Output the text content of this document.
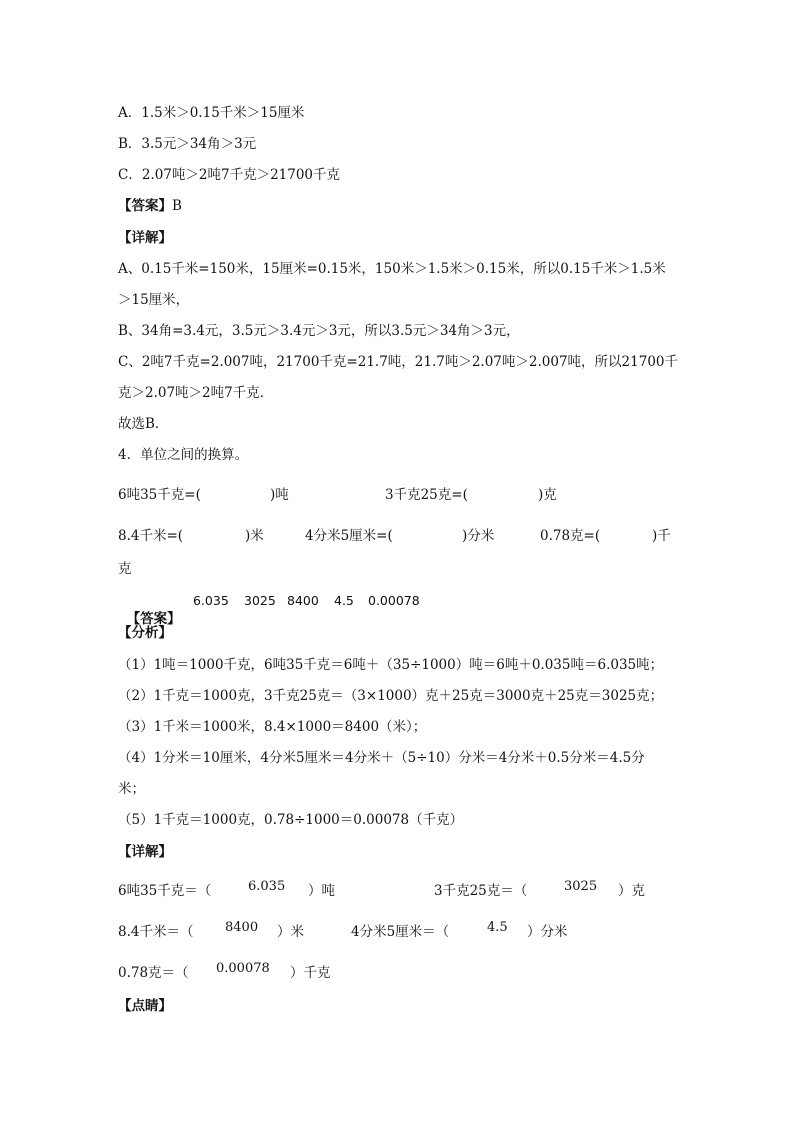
A．1.5米＞0.15千米＞15厘米
B．3.5元＞34角＞3元
C．2.07吨＞2吨7千克＞21700千克
【答案】B
【详解】
A、0.15千米=150米，15厘米=0.15米，150米＞1.5米＞0.15米，所以0.15千米＞1.5米
＞15厘米，
B、34角=3.4元，3.5元＞3.4元＞3元，所以3.5元＞34角＞3元，
C、2吨7千克=2.007吨，21700千克=21.7吨，21.7吨＞2.07吨＞2.007吨，所以21700千
克＞2.07吨＞2吨7千克．
故选B．
4．单位之间的换算。
6吨35千克=(	)吨	3千克25克=(	)克
8.4千米=(	)米	4分米5厘米=(	)分米	0.78克=(	)千
克

【答案】

6.035 3025 8400 4.5 0.00078
【分析】
（1）1吨＝1000千克，6吨35千克＝6吨＋（35÷1000）吨＝6吨＋0.035吨＝6.035吨；
（2）1千克＝1000克，3千克25克＝（3×1000）克＋25克＝3000克＋25克＝3025克；
（3）1千米＝1000米，8.4×1000＝8400（米）；
（4）1分米＝10厘米，4分米5厘米＝4分米＋（5÷10）分米＝4分米＋0.5分米＝4.5分
米；
（5）1千克＝1000克，0.78÷1000＝0.00078（千克）
【详解】
6吨35千克＝（	6.035 ）吨	3千克25克＝（	3025 ）克
8.4千米＝（ 8400 ）米	4分米5厘米＝（	4.5 ）分米
0.78克＝（ 0.00078 ）千克
【点睛】
